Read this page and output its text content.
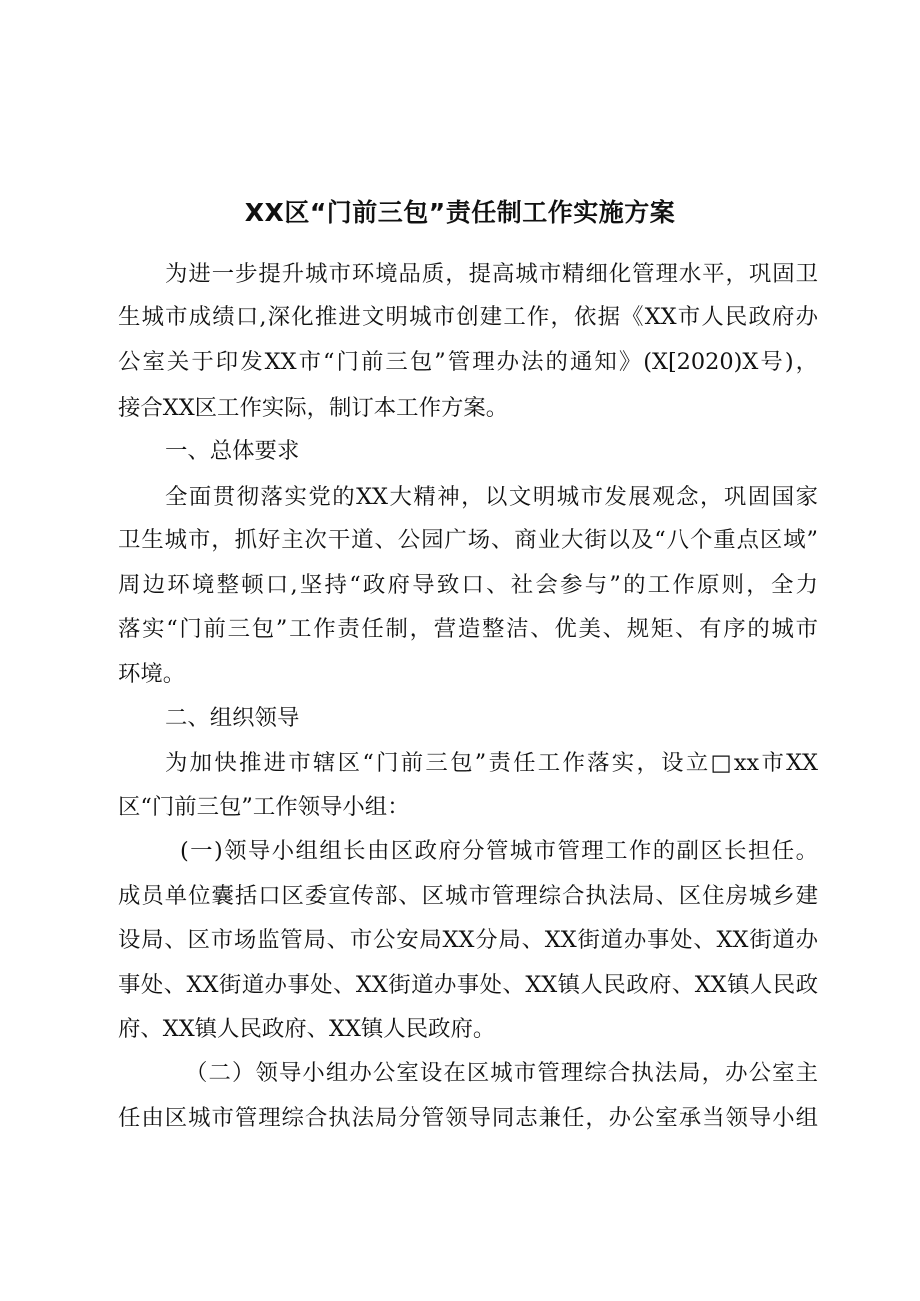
XX区“门前三包”责任制工作实施方案
为进一步提升城市环境品质，提高城市精细化管理水平，巩固卫
生城市成绩口,深化推进文明城市创建工作，依据《XX市人民政府办
公室关于印发XX市“门前三包”管理办法的通知》(X[2020)X号)，
接合XX区工作实际，制订本工作方案。
一、总体要求
全面贯彻落实党的XX大精神，以文明城市发展观念，巩固国家
卫生城市，抓好主次干道、公园广场、商业大街以及“八个重点区域”
周边环境整顿口,坚持“政府导致口、社会参与”的工作原则，全力
落实“门前三包”工作责任制，营造整洁、优美、规矩、有序的城市
环境。
二、组织领导
为加快推进市辖区“门前三包”责任工作落实，设立□xx市XX
区“门前三包”工作领导小组：
(一)领导小组组长由区政府分管城市管理工作的副区长担任。
成员单位囊括口区委宣传部、区城市管理综合执法局、区住房城乡建
设局、区市场监管局、市公安局XX分局、XX街道办事处、XX街道办
事处、XX街道办事处、XX街道办事处、XX镇人民政府、XX镇人民政
府、XX镇人民政府、XX镇人民政府。
（二）领导小组办公室设在区城市管理综合执法局，办公室主
任由区城市管理综合执法局分管领导同志兼任，办公室承当领导小组
